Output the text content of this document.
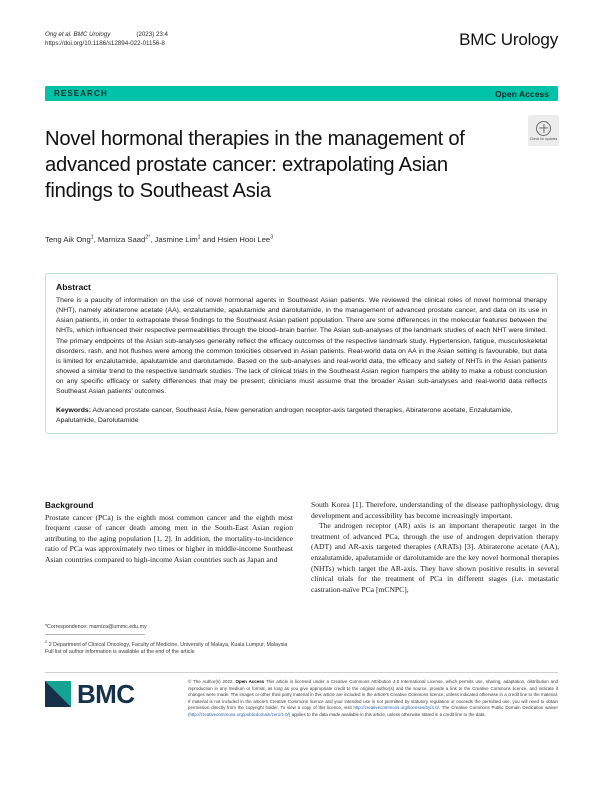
Ong et al. BMC Urology	(2023) 23:4
https://doi.org/10.1186/s12894-022-01156-8	BMC Urology
RESEARCH	Open Access
Novel hormonal therapies in the management of advanced prostate cancer: extrapolating Asian findings to Southeast Asia
Check for updates
Teng Aik Ong$^1$, Marniza Saad$^{2*}$, Jasmine Lim$^1$ and Hsien Hooi Lee$^3$
Abstract
There is a paucity of information on the use of novel hormonal agents in Southeast Asian patients. We reviewed the clinical roles of novel hormonal therapy (NHT), namely abiraterone acetate (AA), enzalutamide, apalutamide and darolutamide, in the management of advanced prostate cancer, and data on its use in Asian patients, in order to extrapolate these findings to the Southeast Asian patient population. There are some differences in the molecular features between the NHTs, which influenced their respective permeabilities through the blood–brain barrier. The Asian sub-analyses of the landmark studies of each NHT were limited. The primary endpoints of the Asian sub-analyses generally reflect the efficacy outcomes of the respective landmark study. Hypertension, fatigue, musculoskeletal disorders, rash, and hot flushes were among the common toxicities observed in Asian patients. Real-world data on AA in the Asian setting is favourable, but data is limited for enzalutamide, apalutamide and darolutamide. Based on the sub-analyses and real-world data, the efficacy and safety of NHTs in the Asian patients showed a similar trend to the respective landmark studies. The lack of clinical trials in the Southeast Asian region hampers the ability to make a robust conclusion on any specific efficacy or safety differences that may be present; clinicians must assume that the broader Asian sub-analyses and real-world data reflects Southeast Asian patients' outcomes.
Keywords: Advanced prostate cancer, Southeast Asia, New generation androgen receptor-axis targeted therapies, Abiraterone acetate, Enzalutamide, Apalutamide, Darolutamide
Background

Prostate cancer (PCa) is the eighth most common cancer and the eighth most frequent cause of cancer death among men in the South-East Asian region attributing to the aging population [1, 2]. In addition, the mortality-to-incidence ratio of PCa was approximately two times or higher in middle-income Southeast Asian countries compared to high-income Asian countries such as Japan and

South Korea [1]. Therefore, understanding of the disease pathophysiology, drug development and accessibility has become increasingly important.

The androgen receptor (AR) axis is an important therapeutic target in the treatment of advanced PCa, through the use of androgen deprivation therapy (ADT) and AR-axis targeted therapies (ARATs) [3]. Abiraterone acetate (AA), enzalutamide, apalutamide or darolutamide are the key novel hormonal therapies (NHTs) which target the AR-axis. They have shown positive results in several clinical trials for the treatment of PCa in different stages (i.e. metastatic castration-naïve PCa [mCNPC],

*Correspondence: marniza@ummc.edu.my
$^2$ 2 Department of Clinical Oncology, Faculty of Medicine, University of Malaya, Kuala Lumpur, Malaysia
Full list of author information is available at the end of the article
BMC	© The Author(s) 2022. Open Access This article is licensed under a Creative Commons Attribution 4.0 International License, which permits use, sharing, adaptation, distribution and reproduction in any medium or format, as long as you give appropriate credit to the original author(s) and the source, provide a link to the Creative Commons licence, and indicate if changes were made. The images or other third party material in this article are included in the article's Creative Commons licence, unless indicated otherwise in a credit line to the material. If material is not included in the article's Creative Commons licence and your intended use is not permitted by statutory regulation or exceeds the permitted use, you will need to obtain permission directly from the copyright holder. To view a copy of this licence, visit http://creativecommons.org/licenses/by/4.0/. The Creative Commons Public Domain Dedication waiver (http://creativecommons.org/publicdomain/zero/1.0/) applies to the data made available in this article, unless otherwise stated in a credit line to the data.
